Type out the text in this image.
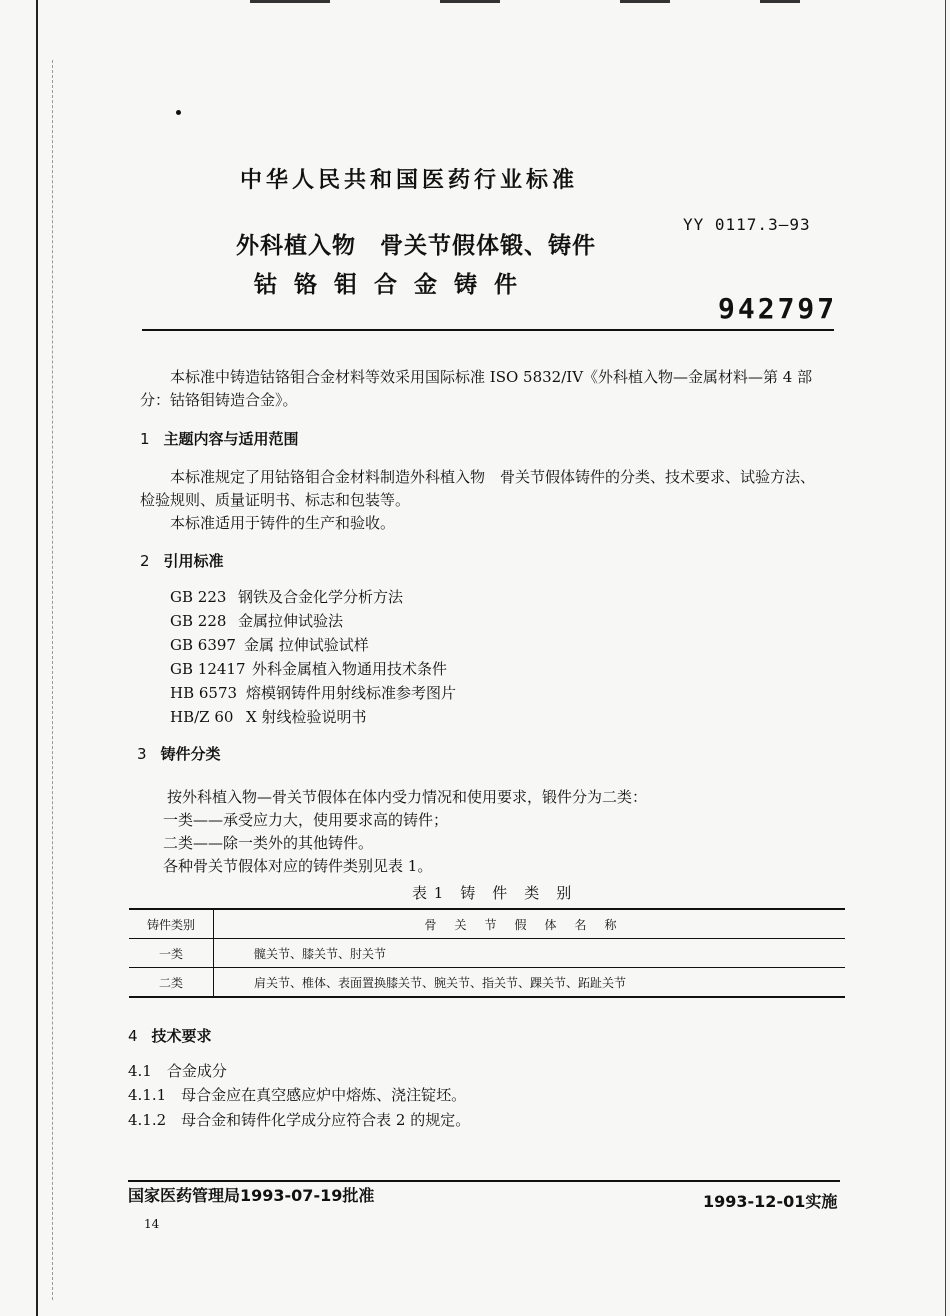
中华人民共和国医药行业标准
YY 0117.3—93
外科植入物　骨关节假体锻、铸件
钴铬钼合金铸件
942797
本标准中铸造钴铬钼合金材料等效采用国际标准 ISO 5832/IV《外科植入物—金属材料—第 4 部
分：钴铬钼铸造合金》。
1 主题内容与适用范围
本标准规定了用钴铬钼合金材料制造外科植入物　骨关节假体铸件的分类、技术要求、试验方法、
检验规则、质量证明书、标志和包装等。
本标准适用于铸件的生产和验收。
2 引用标准
GB 223 钢铁及合金化学分析方法
GB 228 金属拉伸试验法
GB 6397 金属 拉伸试验试样
GB 12417 外科金属植入物通用技术条件
HB 6573 熔模钢铸件用射线标准参考图片
HB/Z 60 X 射线检验说明书
3 铸件分类
按外科植入物—骨关节假体在体内受力情况和使用要求，锻件分为二类：
一类——承受应力大，使用要求高的铸件；
二类——除一类外的其他铸件。
各种骨关节假体对应的铸件类别见表 1。
表 1　铸　件　类　别
铸件类别	骨关节假体名称
一类	髋关节、膝关节、肘关节
二类	肩关节、椎体、表面置换膝关节、腕关节、指关节、踝关节、跖趾关节
4 技术要求
4.1　合金成分
4.1.1　母合金应在真空感应炉中熔炼、浇注锭坯。
4.1.2　母合金和铸件化学成分应符合表 2 的规定。
国家医药管理局1993-07-19批准	1993-12-01实施
14
